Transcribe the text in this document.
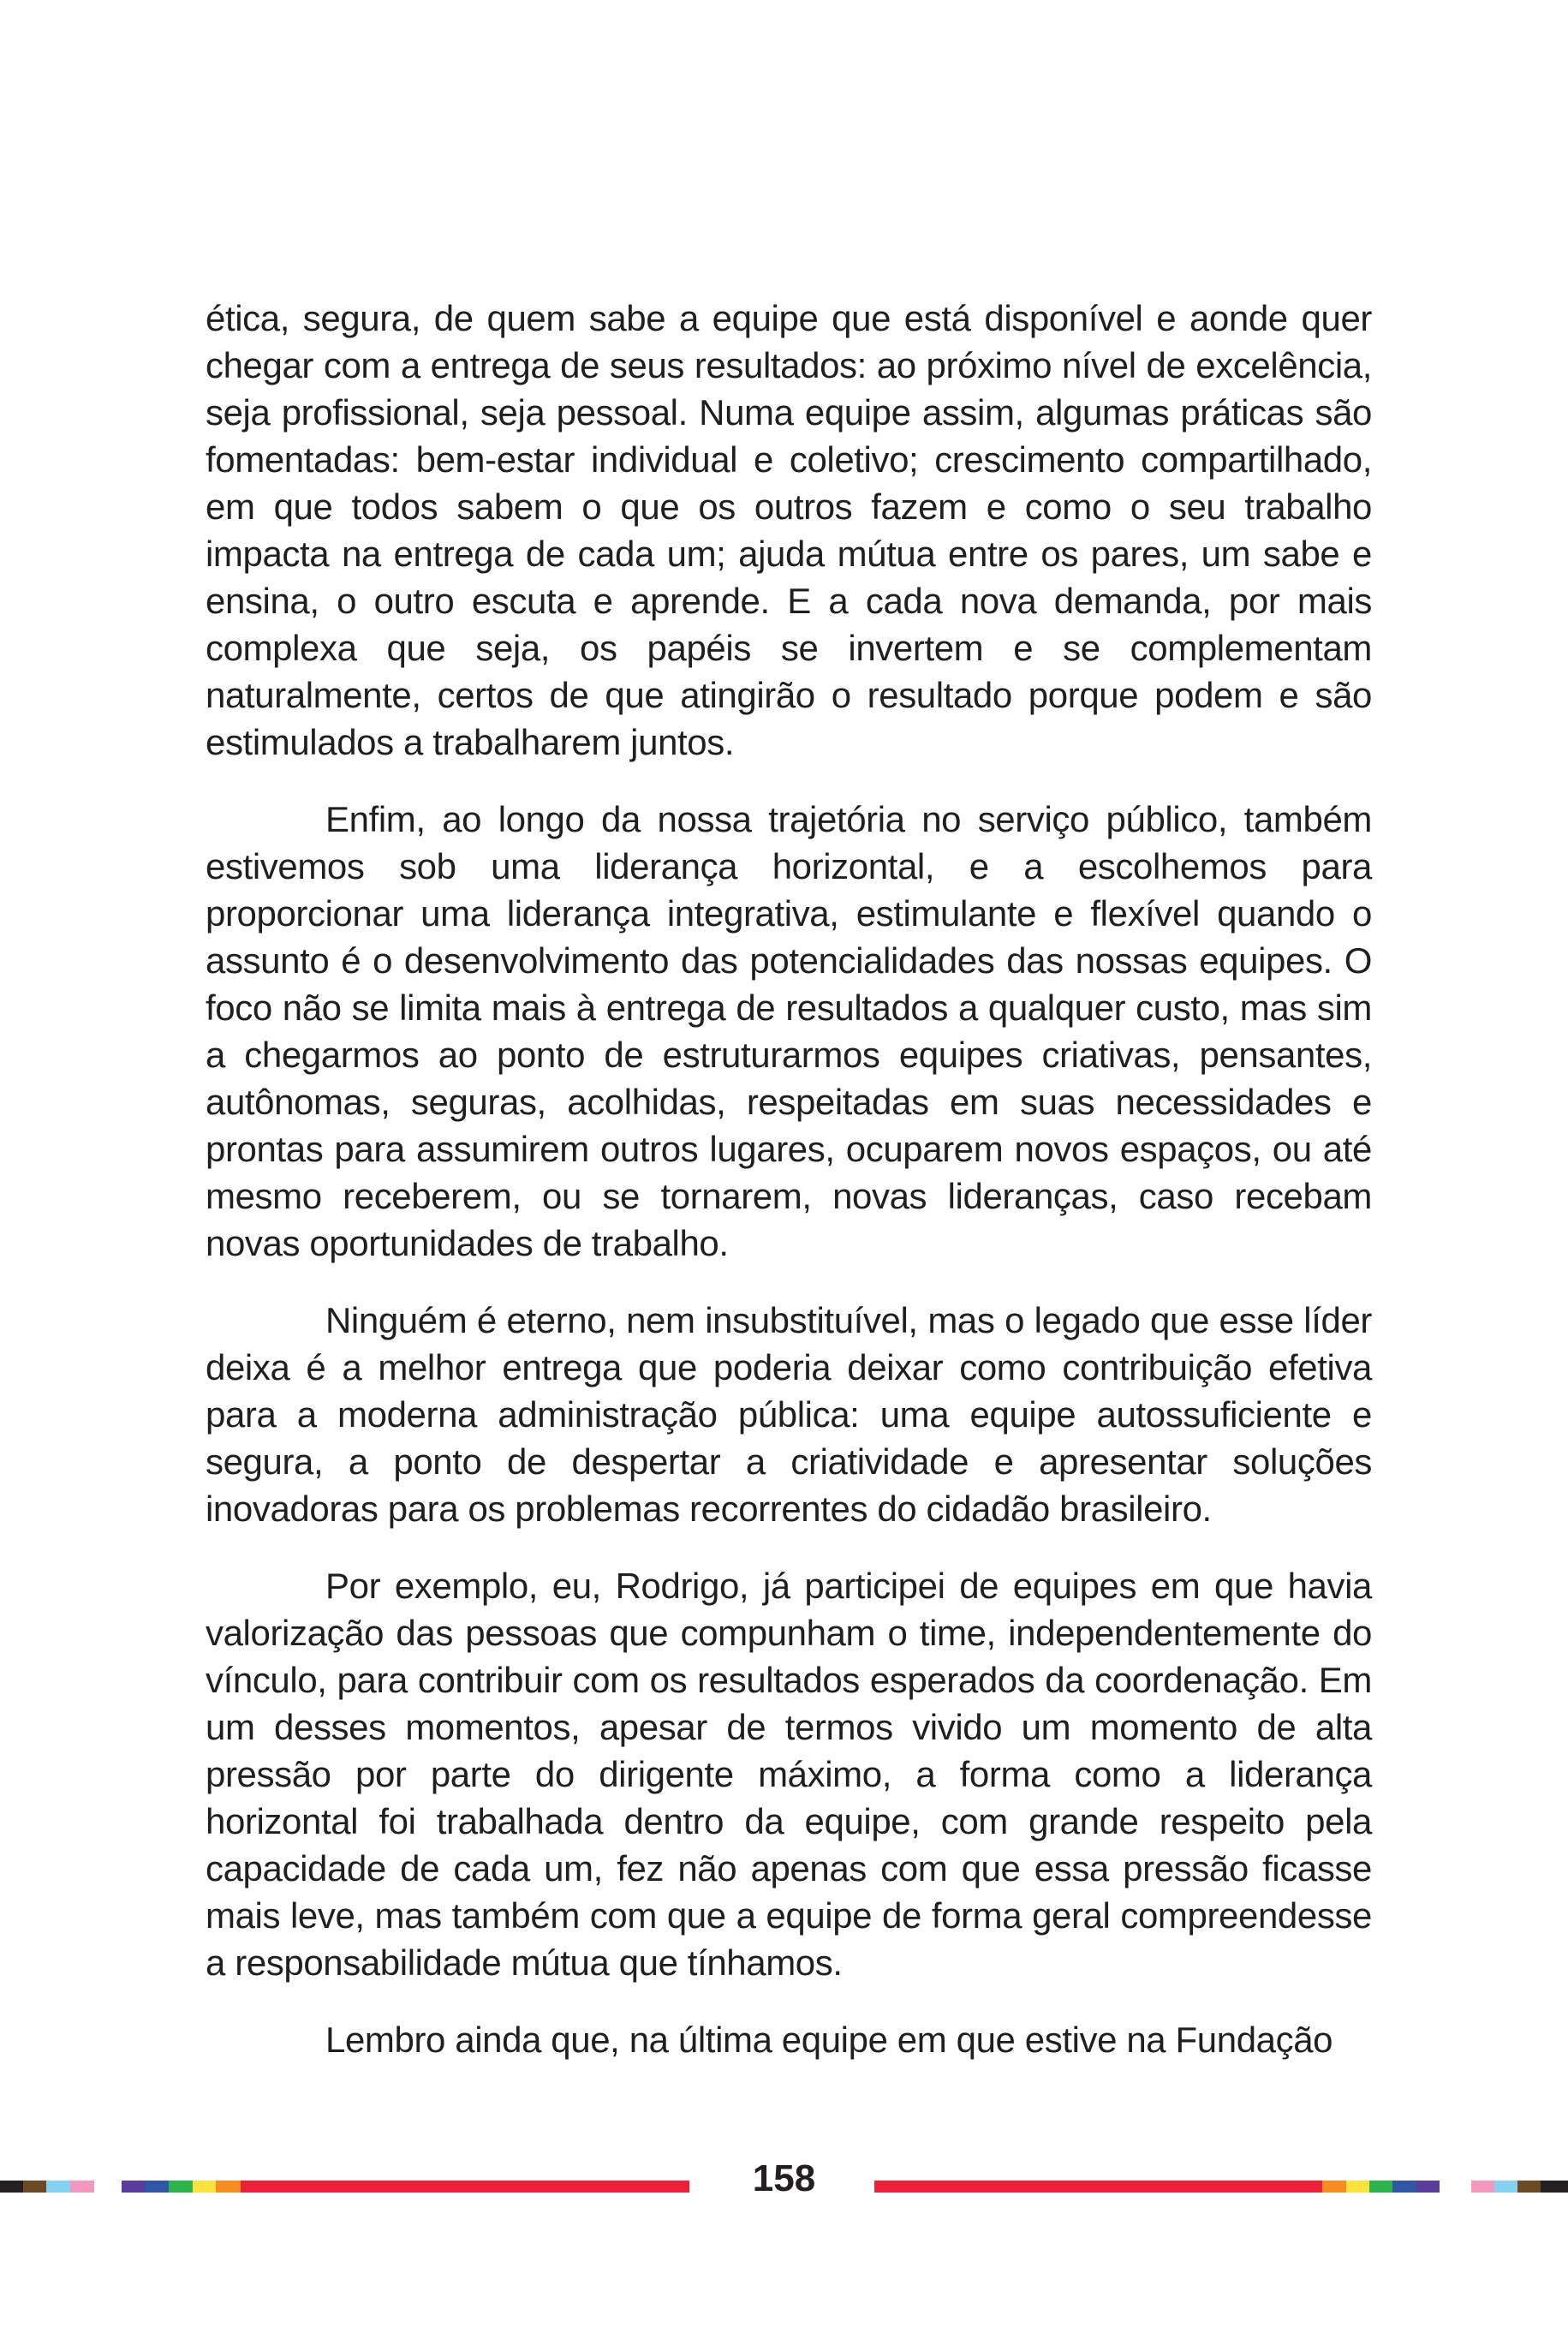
ética, segura, de quem sabe a equipe que está disponível e aonde quer chegar com a entrega de seus resultados: ao próximo nível de excelência, seja profissional, seja pessoal. Numa equipe assim, algumas práticas são fomentadas: bem-estar individual e coletivo; crescimento compartilhado, em que todos sabem o que os outros fazem e como o seu trabalho impacta na entrega de cada um; ajuda mútua entre os pares, um sabe e ensina, o outro escuta e aprende. E a cada nova demanda, por mais complexa que seja, os papéis se invertem e se complementam naturalmente, certos de que atingirão o resultado porque podem e são estimulados a trabalharem juntos.

Enfim, ao longo da nossa trajetória no serviço público, também estivemos sob uma liderança horizontal, e a escolhemos para proporcionar uma liderança integrativa, estimulante e flexível quando o assunto é o desenvolvimento das potencialidades das nossas equipes. O foco não se limita mais à entrega de resultados a qualquer custo, mas sim a chegarmos ao ponto de estruturarmos equipes criativas, pensantes, autônomas, seguras, acolhidas, respeitadas em suas necessidades e prontas para assumirem outros lugares, ocuparem novos espaços, ou até mesmo receberem, ou se tornarem, novas lideranças, caso recebam novas oportunidades de trabalho.

Ninguém é eterno, nem insubstituível, mas o legado que esse líder deixa é a melhor entrega que poderia deixar como contribuição efetiva para a moderna administração pública: uma equipe autossuficiente e segura, a ponto de despertar a criatividade e apresentar soluções inovadoras para os problemas recorrentes do cidadão brasileiro.

Por exemplo, eu, Rodrigo, já participei de equipes em que havia valorização das pessoas que compunham o time, independentemente do vínculo, para contribuir com os resultados esperados da coordenação. Em um desses momentos, apesar de termos vivido um momento de alta pressão por parte do dirigente máximo, a forma como a liderança horizontal foi trabalhada dentro da equipe, com grande respeito pela capacidade de cada um, fez não apenas com que essa pressão ficasse mais leve, mas também com que a equipe de forma geral compreendesse a responsabilidade mútua que tínhamos.

Lembro ainda que, na última equipe em que estive na Fundação

158
